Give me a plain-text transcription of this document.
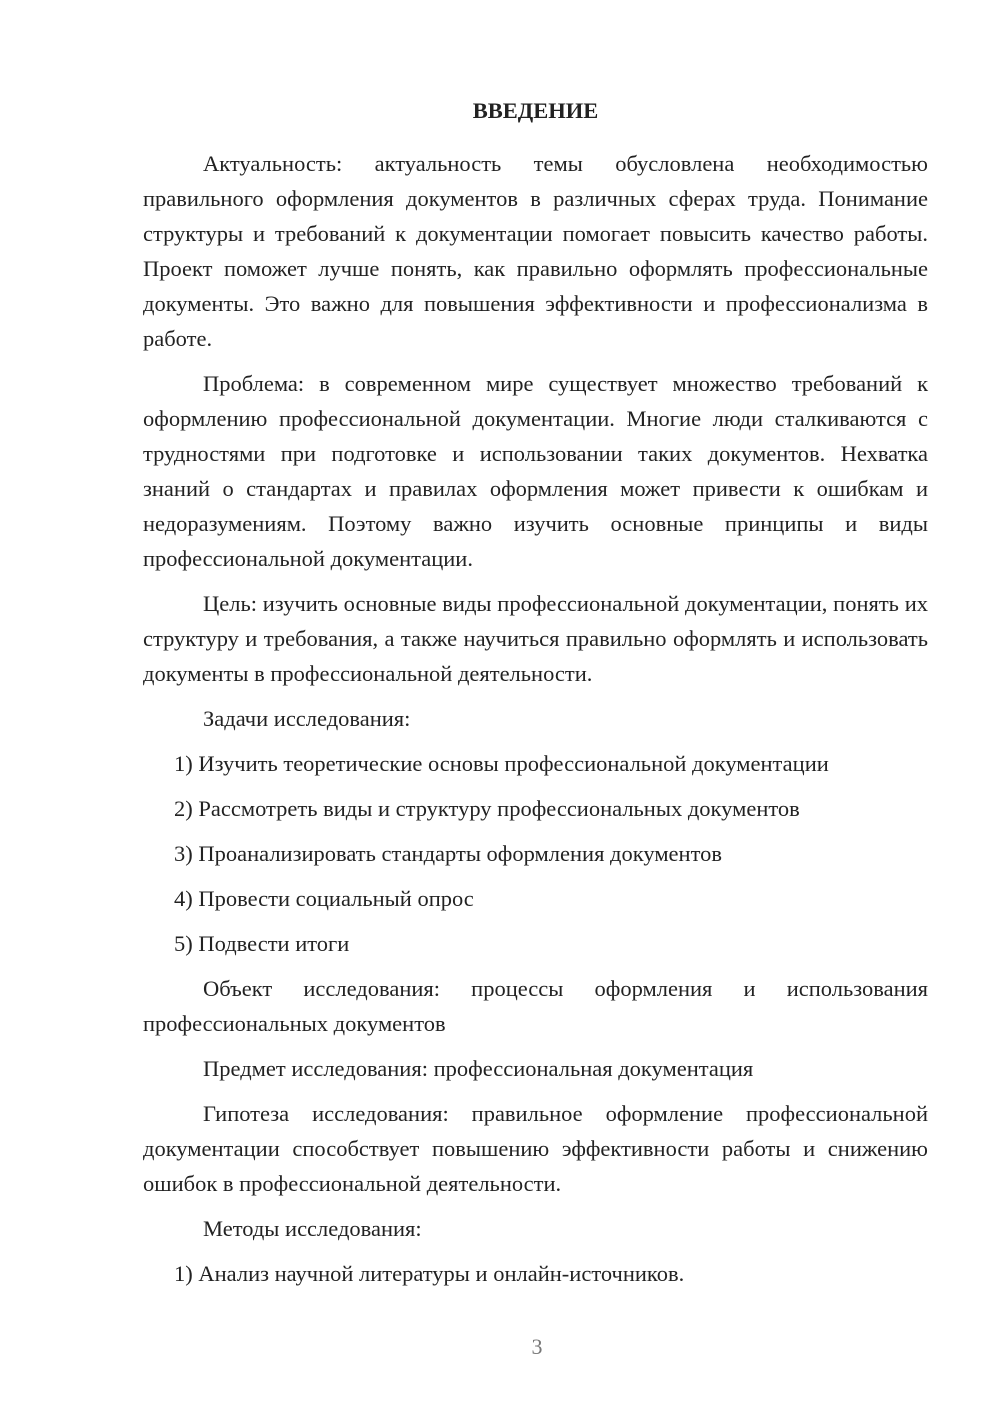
ВВЕДЕНИЕ

Актуальность: актуальность темы обусловлена необходимостью правильного оформления документов в различных сферах труда. Понимание структуры и требований к документации помогает повысить качество работы. Проект поможет лучше понять, как правильно оформлять профессиональные документы. Это важно для повышения эффективности и профессионализма в работе.

Проблема: в современном мире существует множество требований к оформлению профессиональной документации. Многие люди сталкиваются с трудностями при подготовке и использовании таких документов. Нехватка знаний о стандартах и правилах оформления может привести к ошибкам и недоразумениям. Поэтому важно изучить основные принципы и виды профессиональной документации.

Цель: изучить основные виды профессиональной документации, понять их структуру и требования, а также научиться правильно оформлять и использовать документы в профессиональной деятельности.

Задачи исследования:

1) Изучить теоретические основы профессиональной документации
2) Рассмотреть виды и структуру профессиональных документов
3) Проанализировать стандарты оформления документов
4) Провести социальный опрос
5) Подвести итоги

Объект исследования: процессы оформления и использования профессиональных документов

Предмет исследования: профессиональная документация

Гипотеза исследования: правильное оформление профессиональной документации способствует повышению эффективности работы и снижению ошибок в профессиональной деятельности.

Методы исследования:

1) Анализ научной литературы и онлайн-источников.
3
